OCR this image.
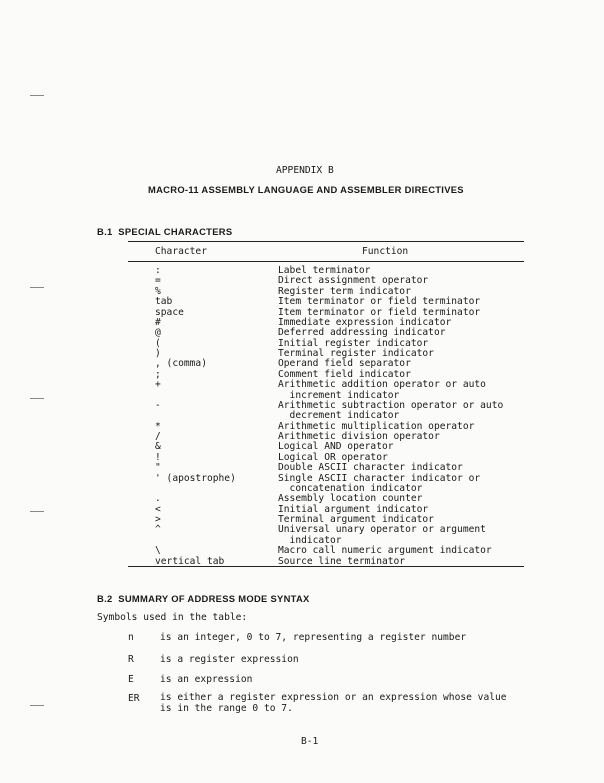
APPENDIX B
MACRO-11 ASSEMBLY LANGUAGE AND ASSEMBLER DIRECTIVES
B.1  SPECIAL CHARACTERS
Character	Function
:	Label terminator
=	Direct assignment operator
%	Register term indicator
tab	Item terminator or field terminator
space	Item terminator or field terminator
#	Immediate expression indicator
@	Deferred addressing indicator
(	Initial register indicator
)	Terminal register indicator
, (comma)	Operand field separator
;	Comment field indicator
+	Arithmetic addition operator or auto
	increment indicator
-	Arithmetic subtraction operator or auto
	decrement indicator
*	Arithmetic multiplication operator
/	Arithmetic division operator
&	Logical AND operator
!	Logical OR operator
"	Double ASCII character indicator
' (apostrophe)	Single ASCII character indicator or
	concatenation indicator
.	Assembly location counter
<	Initial argument indicator
>	Terminal argument indicator
^	Universal unary operator or argument
	indicator
\	Macro call numeric argument indicator
vertical tab	Source line terminator
B.2  SUMMARY OF ADDRESS MODE SYNTAX
Symbols used in the table:
n	is an integer, 0 to 7, representing a register number
R	is a register expression
E	is an expression
ER is either a register expression or an expression whose value
is in the range 0 to 7.
B-1
